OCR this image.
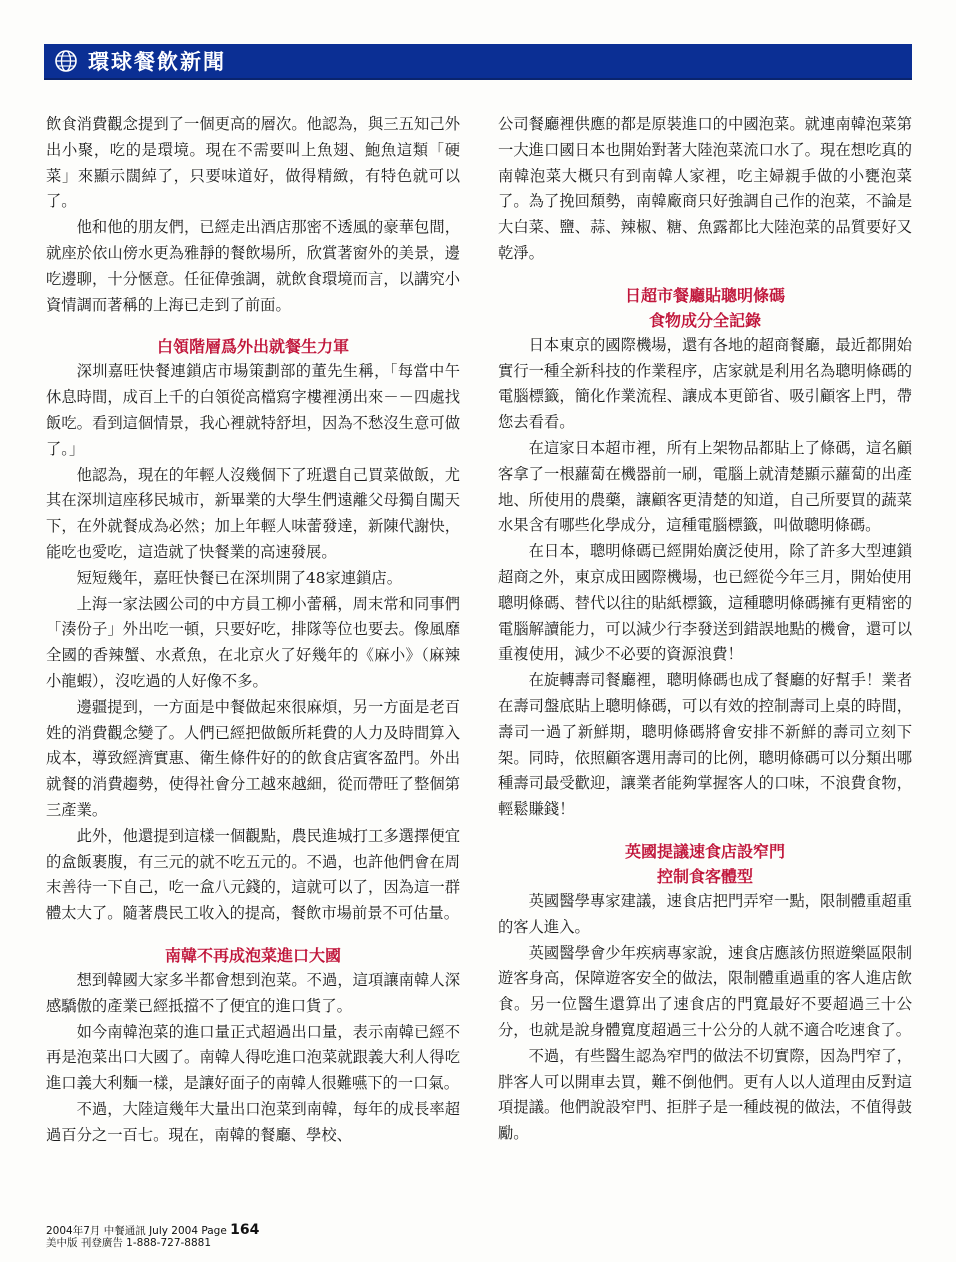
環球餐飲新聞

飲食消費觀念提到了一個更高的層次。他認為，與三五知己外出小聚，吃的是環境。現在不需要叫上魚翅、鮑魚這類「硬菜」來顯示闊綽了，只要味道好，做得精緻，有特色就可以了。

他和他的朋友們，已經走出酒店那密不透風的豪華包間，就座於依山傍水更為雅靜的餐飲場所，欣賞著窗外的美景，邊吃邊聊，十分愜意。任征偉強調，就飲食環境而言，以講究小資情調而著稱的上海已走到了前面。

白領階層爲外出就餐生力軍

深圳嘉旺快餐連鎖店市場策劃部的董先生稱，「每當中午休息時間，成百上千的白領從高檔寫字樓裡湧出來－－四處找飯吃。看到這個情景，我心裡就特舒坦，因為不愁沒生意可做了。」

他認為，現在的年輕人沒幾個下了班還自己買菜做飯，尤其在深圳這座移民城市，新畢業的大學生們遠離父母獨自闖天下，在外就餐成為必然；加上年輕人味蕾發達，新陳代謝快，能吃也愛吃，這造就了快餐業的高速發展。

短短幾年，嘉旺快餐已在深圳開了48家連鎖店。

上海一家法國公司的中方員工柳小蕾稱，周末常和同事們「湊份子」外出吃一頓，只要好吃，排隊等位也要去。像風靡全國的香辣蟹、水煮魚，在北京火了好幾年的《麻小》（麻辣小龍蝦），沒吃過的人好像不多。

邊疆提到，一方面是中餐做起來很麻煩，另一方面是老百姓的消費觀念變了。人們已經把做飯所耗費的人力及時間算入成本，導致經濟實惠、衛生條件好的的飲食店賓客盈門。外出就餐的消費趨勢，使得社會分工越來越細，從而帶旺了整個第三產業。

此外，他還提到這樣一個觀點，農民進城打工多選擇便宜的盒飯裹腹，有三元的就不吃五元的。不過，也許他們會在周末善待一下自己，吃一盒八元錢的，這就可以了，因為這一群體太大了。隨著農民工收入的提高，餐飲市場前景不可估量。

南韓不再成泡菜進口大國

想到韓國大家多半都會想到泡菜。不過，這項讓南韓人深感驕傲的產業已經抵擋不了便宜的進口貨了。

如今南韓泡菜的進口量正式超過出口量，表示南韓已經不再是泡菜出口大國了。南韓人得吃進口泡菜就跟義大利人得吃進口義大利麵一樣，是讓好面子的南韓人很難嚥下的一口氣。

不過，大陸這幾年大量出口泡菜到南韓，每年的成長率超過百分之一百七。現在，南韓的餐廳、學校、

公司餐廳裡供應的都是原裝進口的中國泡菜。就連南韓泡菜第一大進口國日本也開始對著大陸泡菜流口水了。現在想吃真的南韓泡菜大概只有到南韓人家裡，吃主婦親手做的小甕泡菜了。為了挽回頹勢，南韓廠商只好強調自己作的泡菜，不論是大白菜、鹽、蒜、辣椒、糖、魚露都比大陸泡菜的品質要好又乾淨。

日超市餐廳貼聰明條碼
食物成分全記錄

日本東京的國際機場，還有各地的超商餐廳，最近都開始實行一種全新科技的作業程序，店家就是利用名為聰明條碼的電腦標籤，簡化作業流程、讓成本更節省、吸引顧客上門，帶您去看看。

在這家日本超市裡，所有上架物品都貼上了條碼，這名顧客拿了一根蘿蔔在機器前一刷，電腦上就清楚顯示蘿蔔的出產地、所使用的農藥，讓顧客更清楚的知道，自己所要買的蔬菜水果含有哪些化學成分，這種電腦標籤，叫做聰明條碼。

在日本，聰明條碼已經開始廣泛使用，除了許多大型連鎖超商之外，東京成田國際機場，也已經從今年三月，開始使用聰明條碼、替代以往的貼紙標籤，這種聰明條碼擁有更精密的電腦解讀能力，可以減少行李發送到錯誤地點的機會，還可以重複使用，減少不必要的資源浪費！

在旋轉壽司餐廳裡，聰明條碼也成了餐廳的好幫手！業者在壽司盤底貼上聰明條碼，可以有效的控制壽司上桌的時間，壽司一過了新鮮期，聰明條碼將會安排不新鮮的壽司立刻下架。同時，依照顧客選用壽司的比例，聰明條碼可以分類出哪種壽司最受歡迎，讓業者能夠掌握客人的口味，不浪費食物，輕鬆賺錢！

英國提議速食店設窄門
控制食客體型

英國醫學專家建議，速食店把門弄窄一點，限制體重超重的客人進入。

英國醫學會少年疾病專家說，速食店應該仿照遊樂區限制遊客身高，保障遊客安全的做法，限制體重過重的客人進店飲食。另一位醫生還算出了速食店的門寬最好不要超過三十公分，也就是說身體寬度超過三十公分的人就不適合吃速食了。

不過，有些醫生認為窄門的做法不切實際，因為門窄了，胖客人可以開車去買，難不倒他們。更有人以人道理由反對這項提議。他們說設窄門、拒胖子是一種歧視的做法，不值得鼓勵。

2004年7月 中餐通訊 July 2004 Page 164
美中版 刊登廣告 1-888-727-8881
